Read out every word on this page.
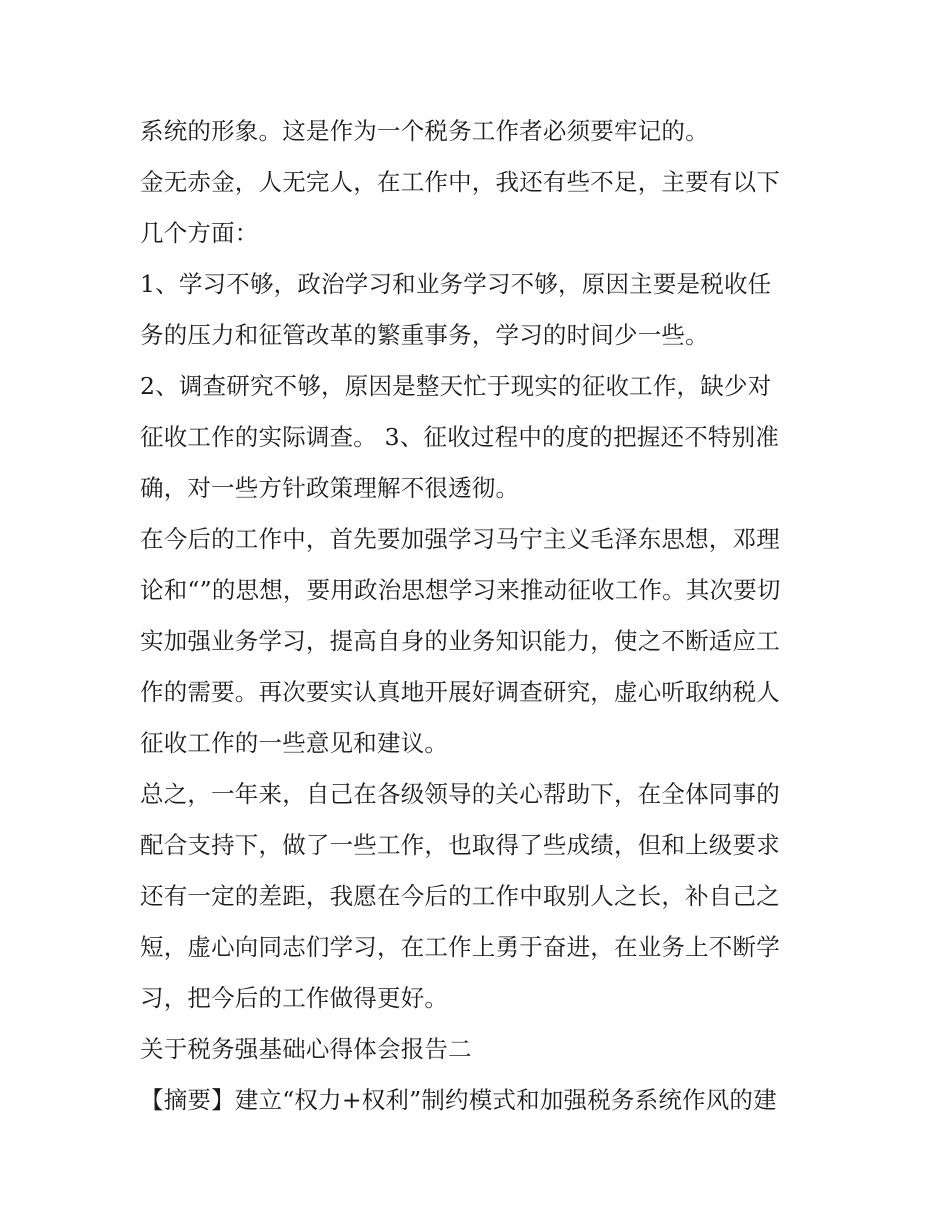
系统的形象。这是作为一个税务工作者必须要牢记的。
金无赤金，人无完人，在工作中，我还有些不足，主要有以下
几个方面：
1、学习不够，政治学习和业务学习不够，原因主要是税收任
务的压力和征管改革的繁重事务，学习的时间少一些。
2、调查研究不够，原因是整天忙于现实的征收工作，缺少对
征收工作的实际调查。 3、征收过程中的度的把握还不特别准
确，对一些方针政策理解不很透彻。
在今后的工作中，首先要加强学习马宁主义毛泽东思想，邓理
论和“”的思想，要用政治思想学习来推动征收工作。其次要切
实加强业务学习，提高自身的业务知识能力，使之不断适应工
作的需要。再次要实认真地开展好调查研究，虚心听取纳税人
征收工作的一些意见和建议。
总之，一年来，自己在各级领导的关心帮助下，在全体同事的
配合支持下，做了一些工作，也取得了些成绩，但和上级要求
还有一定的差距，我愿在今后的工作中取别人之长，补自己之
短，虚心向同志们学习，在工作上勇于奋进，在业务上不断学
习，把今后的工作做得更好。
关于税务强基础心得体会报告二
【摘要】建立“权力+权利”制约模式和加强税务系统作风的建
